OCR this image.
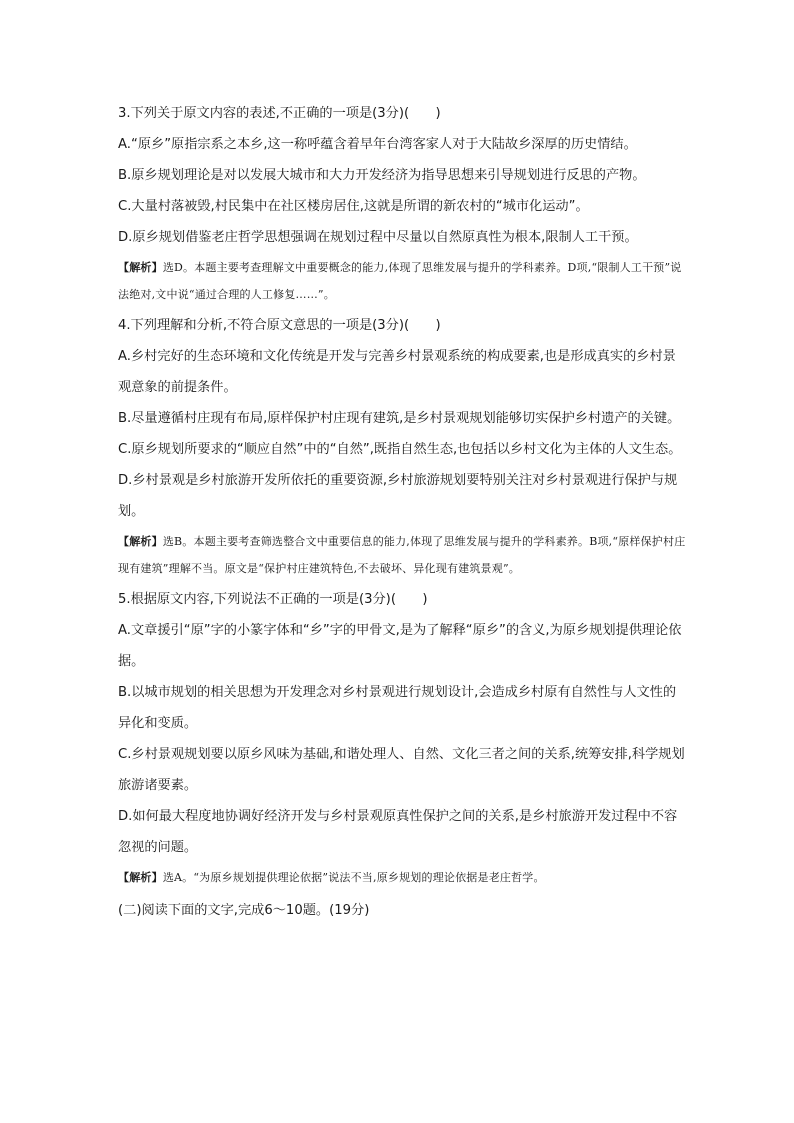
3.下列关于原文内容的表述,不正确的一项是(3分)(　　)

A.“原乡”原指宗系之本乡,这一称呼蕴含着早年台湾客家人对于大陆故乡深厚的历史情结。

B.原乡规划理论是对以发展大城市和大力开发经济为指导思想来引导规划进行反思的产物。

C.大量村落被毁,村民集中在社区楼房居住,这就是所谓的新农村的“城市化运动”。

D.原乡规划借鉴老庄哲学思想强调在规划过程中尽量以自然原真性为根本,限制人工干预。

【解析】选D。本题主要考查理解文中重要概念的能力,体现了思维发展与提升的学科素养。D项,“限制人工干预”说法绝对,文中说“通过合理的人工修复……”。

4.下列理解和分析,不符合原文意思的一项是(3分)(　　)

A.乡村完好的生态环境和文化传统是开发与完善乡村景观系统的构成要素,也是形成真实的乡村景观意象的前提条件。

B.尽量遵循村庄现有布局,原样保护村庄现有建筑,是乡村景观规划能够切实保护乡村遗产的关键。

C.原乡规划所要求的“顺应自然”中的“自然”,既指自然生态,也包括以乡村文化为主体的人文生态。

D.乡村景观是乡村旅游开发所依托的重要资源,乡村旅游规划要特别关注对乡村景观进行保护与规划。

【解析】选B。本题主要考查筛选整合文中重要信息的能力,体现了思维发展与提升的学科素养。B项,“原样保护村庄现有建筑”理解不当。原文是“保护村庄建筑特色,不去破坏、异化现有建筑景观”。

5.根据原文内容,下列说法不正确的一项是(3分)(　　)

A.文章援引“原”字的小篆字体和“乡”字的甲骨文,是为了解释“原乡”的含义,为原乡规划提供理论依据。

B.以城市规划的相关思想为开发理念对乡村景观进行规划设计,会造成乡村原有自然性与人文性的异化和变质。

C.乡村景观规划要以原乡风味为基础,和谐处理人、自然、文化三者之间的关系,统筹安排,科学规划旅游诸要素。

D.如何最大程度地协调好经济开发与乡村景观原真性保护之间的关系,是乡村旅游开发过程中不容忽视的问题。

【解析】选A。“为原乡规划提供理论依据”说法不当,原乡规划的理论依据是老庄哲学。

(二)阅读下面的文字,完成6～10题。(19分)
